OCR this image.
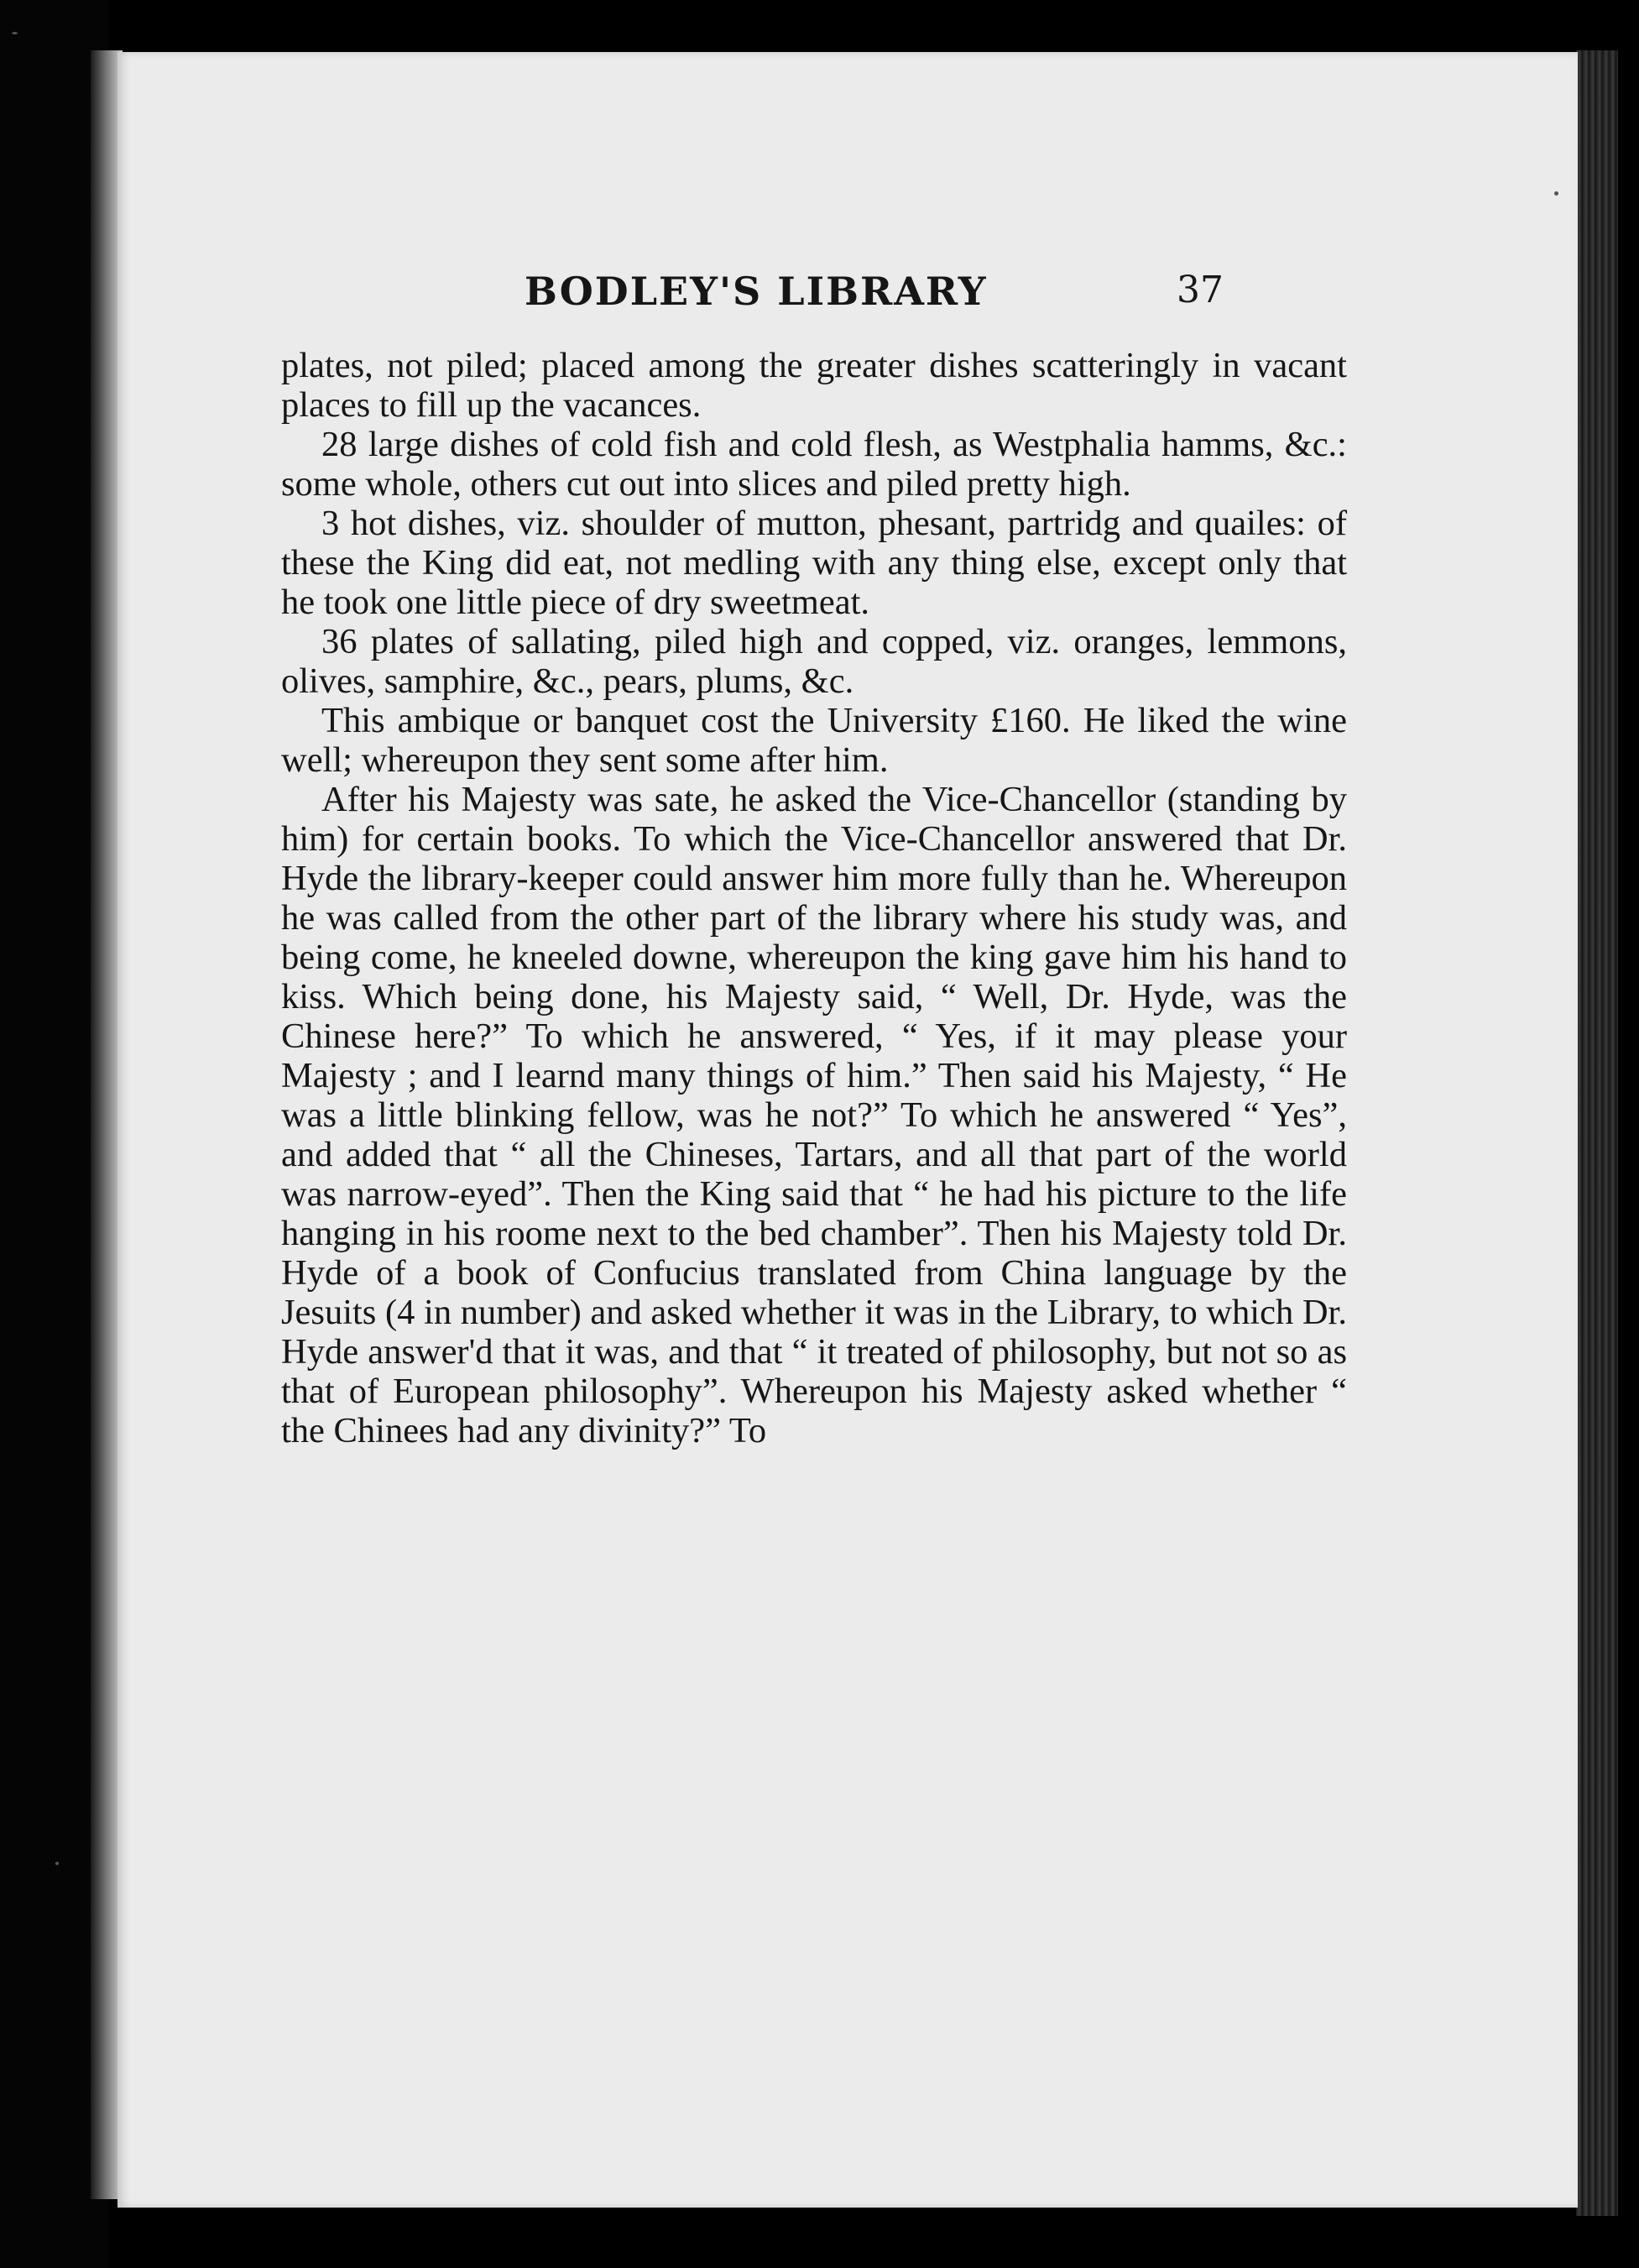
BODLEY'S LIBRARY	37

plates, not piled; placed among the greater dishes scatteringly in vacant places to fill up the vacances.

28 large dishes of cold fish and cold flesh, as Westphalia hamms, &c.: some whole, others cut out into slices and piled pretty high.

3 hot dishes, viz. shoulder of mutton, phesant, partridg and quailes: of these the King did eat, not medling with any thing else, except only that he took one little piece of dry sweetmeat.

36 plates of sallating, piled high and copped, viz. oranges, lemmons, olives, samphire, &c., pears, plums, &c.

This ambique or banquet cost the University £160. He liked the wine well; whereupon they sent some after him.

After his Majesty was sate, he asked the Vice-Chancellor (standing by him) for certain books. To which the Vice-Chancellor answered that Dr. Hyde the library-keeper could answer him more fully than he. Whereupon he was called from the other part of the library where his study was, and being come, he kneeled downe, whereupon the king gave him his hand to kiss. Which being done, his Majesty said, “ Well, Dr. Hyde, was the Chinese here?” To which he answered, “ Yes, if it may please your Majesty ; and I learnd many things of him.” Then said his Majesty, “ He was a little blinking fellow, was he not?” To which he answered “ Yes”, and added that “ all the Chineses, Tartars, and all that part of the world was narrow-eyed”. Then the King said that “ he had his picture to the life hanging in his roome next to the bed chamber”. Then his Majesty told Dr. Hyde of a book of Confucius translated from China language by the Jesuits (4 in number) and asked whether it was in the Library, to which Dr. Hyde answer'd that it was, and that “ it treated of philosophy, but not so as that of European philosophy”. Whereupon his Majesty asked whether “ the Chinees had any divinity?” To
